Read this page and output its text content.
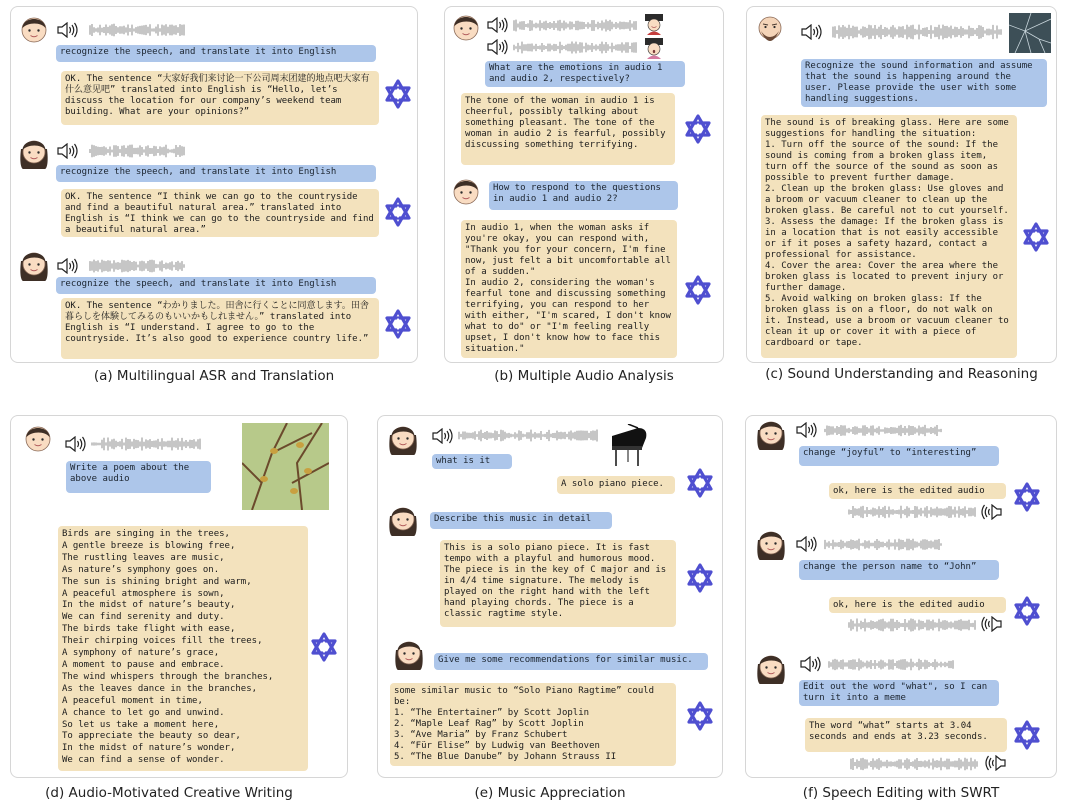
recognize the speech, and translate it into English
OK. The sentence “大家好我们来讨论一下公司周末团建的地点吧大家有什么意见吧” translated into English is “Hello, let’s discuss the location for our company’s weekend team building. What are your opinions?”
recognize the speech, and translate it into English
OK. The sentence “I think we can go to the countryside and find a beautiful natural area.” translated into English is “I think we can go to the countryside and find a beautiful natural area.”
recognize the speech, and translate it into English
OK. The sentence “わかりました。田舎に行くことに同意します。田舎暮らしを体験してみるのもいいかもしれません。” translated into English is “I understand. I agree to go to the countryside. It’s also good to experience country life.”
(a) Multilingual ASR and Translation
What are the emotions in audio 1 and audio 2, respectively?
The tone of the woman in audio 1 is cheerful, possibly talking about something pleasant. The tone of the woman in audio 2 is fearful, possibly discussing something terrifying.
How to respond to the questions in audio 1 and audio 2?
In audio 1, when the woman asks if you're okay, you can respond with, "Thank you for your concern, I'm fine now, just felt a bit uncomfortable all of a sudden."
In audio 2, considering the woman's fearful tone and discussing something terrifying, you can respond to her with either, "I'm scared, I don't know what to do" or "I'm feeling really upset, I don't know how to face this situation."
(b) Multiple Audio Analysis
Recognize the sound information and assume that the sound is happening around the user. Please provide the user with some handling suggestions.
The sound is of breaking glass. Here are some suggestions for handling the situation:
1. Turn off the source of the sound: If the sound is coming from a broken glass item, turn off the source of the sound as soon as possible to prevent further damage.
2. Clean up the broken glass: Use gloves and a broom or vacuum cleaner to clean up the broken glass. Be careful not to cut yourself.
3. Assess the damage: If the broken glass is in a location that is not easily accessible or if it poses a safety hazard, contact a professional for assistance.
4. Cover the area: Cover the area where the broken glass is located to prevent injury or further damage.
5. Avoid walking on broken glass: If the broken glass is on a floor, do not walk on it. Instead, use a broom or vacuum cleaner to clean it up or cover it with a piece of cardboard or tape.
(c) Sound Understanding and Reasoning
Write a poem about the above audio
Birds are singing in the trees,
A gentle breeze is blowing free,
The rustling leaves are music,
As nature’s symphony goes on.
The sun is shining bright and warm,
A peaceful atmosphere is sown,
In the midst of nature’s beauty,
We can find serenity and duty.
The birds take flight with ease,
Their chirping voices fill the trees,
A symphony of nature’s grace,
A moment to pause and embrace.
The wind whispers through the branches,
As the leaves dance in the branches,
A peaceful moment in time,
A chance to let go and unwind.
So let us take a moment here,
To appreciate the beauty so dear,
In the midst of nature’s wonder,
We can find a sense of wonder.
(d) Audio-Motivated Creative Writing
what is it
A solo piano piece.
Describe this music in detail
This is a solo piano piece. It is fast tempo with a playful and humorous mood. The piece is in the key of C major and is in 4/4 time signature. The melody is played on the right hand with the left hand playing chords. The piece is a classic ragtime style.
Give me some recommendations for similar music.
some similar music to “Solo Piano Ragtime” could be:
1. “The Entertainer” by Scott Joplin
2. “Maple Leaf Rag” by Scott Joplin
3. “Ave Maria” by Franz Schubert
4. “Für Elise” by Ludwig van Beethoven
5. “The Blue Danube” by Johann Strauss II
(e) Music Appreciation
change “joyful” to “interesting”
ok, here is the edited audio
change the person name to “John”
ok, here is the edited audio
Edit out the word "what", so I can turn it into a meme
The word “what” starts at 3.04 seconds and ends at 3.23 seconds.
(f) Speech Editing with SWRT
